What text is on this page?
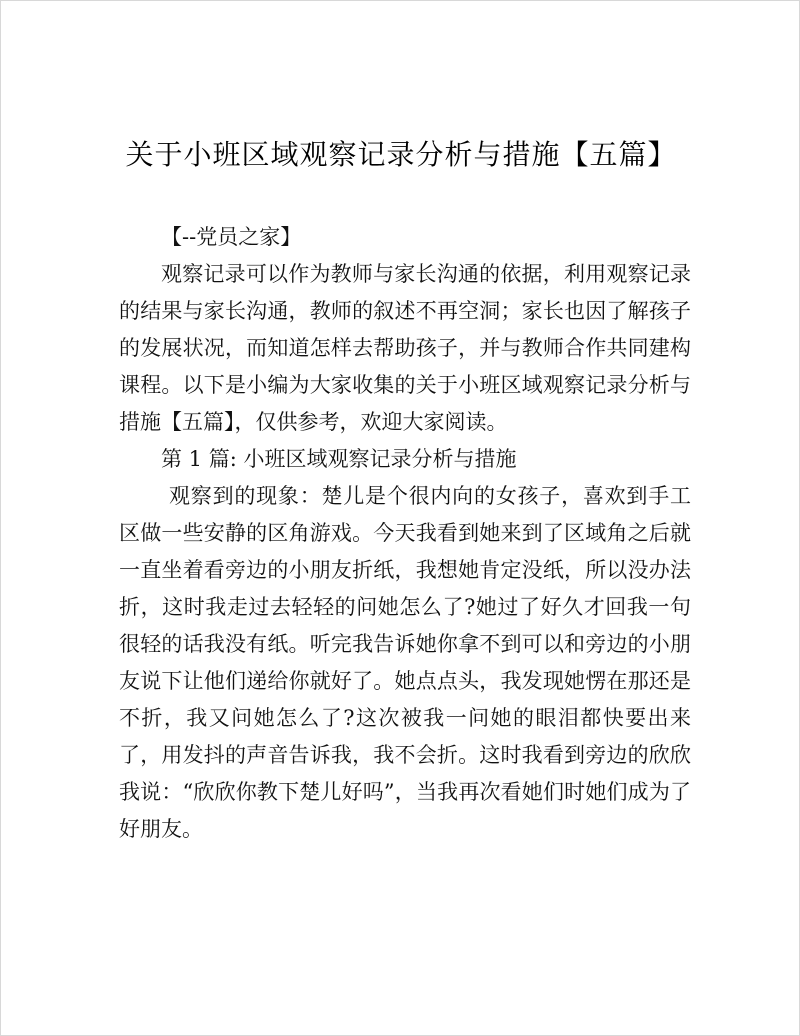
关于小班区域观察记录分析与措施【五篇】

【--党员之家】

观察记录可以作为教师与家长沟通的依据，利用观察记录的结果与家长沟通，教师的叙述不再空洞；家长也因了解孩子的发展状况，而知道怎样去帮助孩子，并与教师合作共同建构课程。以下是小编为大家收集的关于小班区域观察记录分析与措施【五篇】，仅供参考，欢迎大家阅读。

第 1 篇: 小班区域观察记录分析与措施

观察到的现象：楚儿是个很内向的女孩子，喜欢到手工区做一些安静的区角游戏。今天我看到她来到了区域角之后就一直坐着看旁边的小朋友折纸，我想她肯定没纸，所以没办法折，这时我走过去轻轻的问她怎么了?她过了好久才回我一句很轻的话我没有纸。听完我告诉她你拿不到可以和旁边的小朋友说下让他们递给你就好了。她点点头，我发现她愣在那还是不折，我又问她怎么了?这次被我一问她的眼泪都快要出来了，用发抖的声音告诉我，我不会折。这时我看到旁边的欣欣我说：“欣欣你教下楚儿好吗”，当我再次看她们时她们成为了好朋友。
